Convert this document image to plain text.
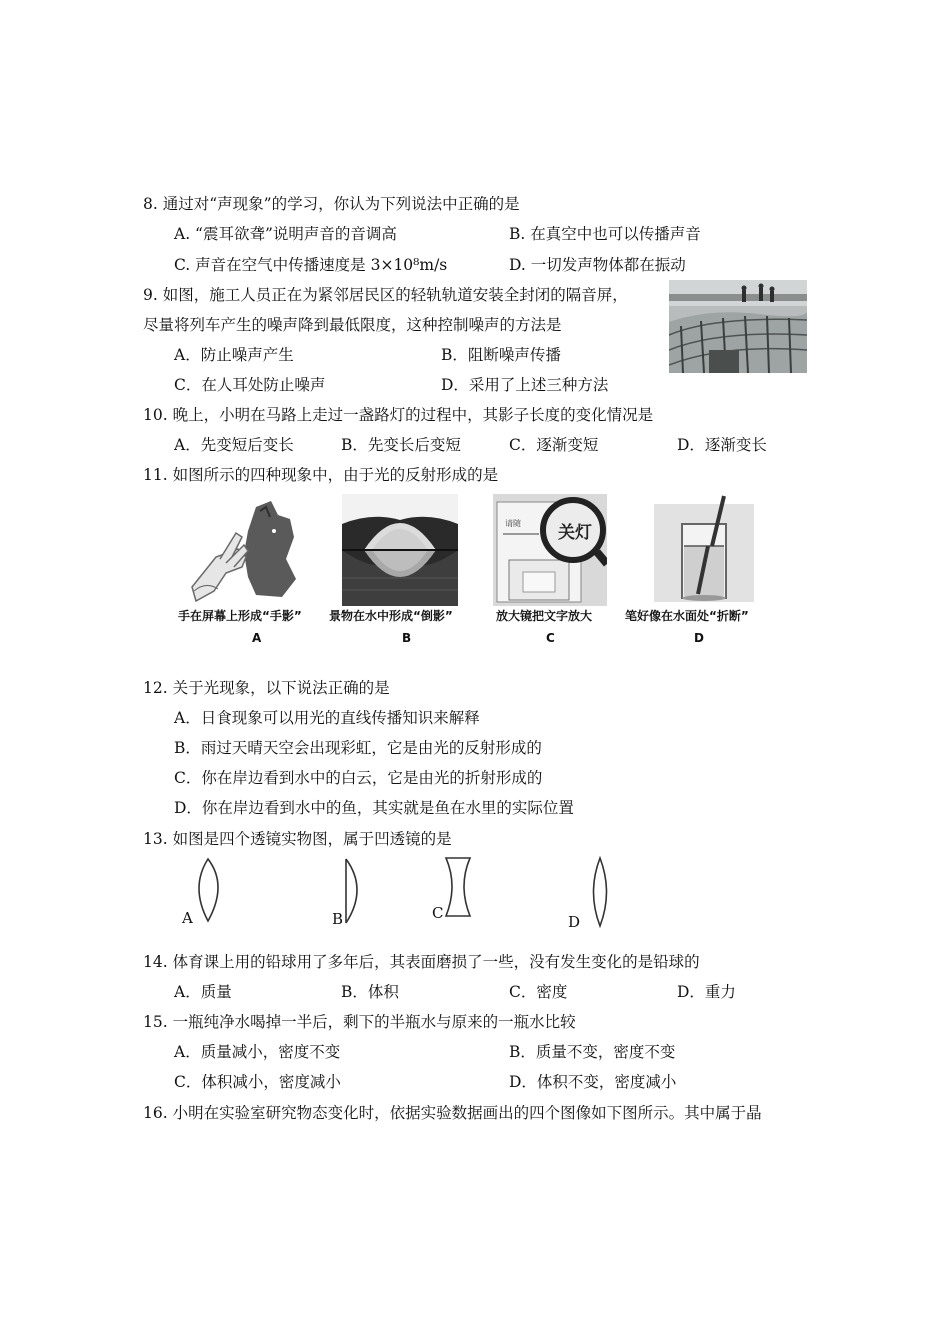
8. 通过对“声现象”的学习，你认为下列说法中正确的是
A. “震耳欲聋”说明声音的音调高	B. 在真空中也可以传播声音
C. 声音在空气中传播速度是 3×10⁸m/s	D. 一切发声物体都在振动
9. 如图，施工人员正在为紧邻居民区的轻轨轨道安装全封闭的隔音屏，
尽量将列车产生的噪声降到最低限度，这种控制噪声的方法是
A．防止噪声产生	B．阻断噪声传播
C．在人耳处防止噪声	D．采用了上述三种方法
10. 晚上，小明在马路上走过一盏路灯的过程中，其影子长度的变化情况是
A．先变短后变长	B．先变长后变短	C．逐渐变短	D．逐渐变长
11. 如图所示的四种现象中，由于光的反射形成的是
手在屏幕上形成“手影”
A
景物在水中形成“倒影”
B
请随 关灯
放大镜把文字放大
C
笔好像在水面处“折断”
D
12. 关于光现象，以下说法正确的是
A．日食现象可以用光的直线传播知识来解释
B．雨过天晴天空会出现彩虹，它是由光的反射形成的
C．你在岸边看到水中的白云，它是由光的折射形成的
D．你在岸边看到水中的鱼，其实就是鱼在水里的实际位置
13. 如图是四个透镜实物图，属于凹透镜的是
A	B	C	D
14. 体育课上用的铅球用了多年后，其表面磨损了一些，没有发生变化的是铅球的
A．质量	B．体积	C．密度	D．重力
15. 一瓶纯净水喝掉一半后，剩下的半瓶水与原来的一瓶水比较
A．质量减小，密度不变	B．质量不变，密度不变
C．体积减小，密度减小	D．体积不变，密度减小
16. 小明在实验室研究物态变化时，依据实验数据画出的四个图像如下图所示。其中属于晶
